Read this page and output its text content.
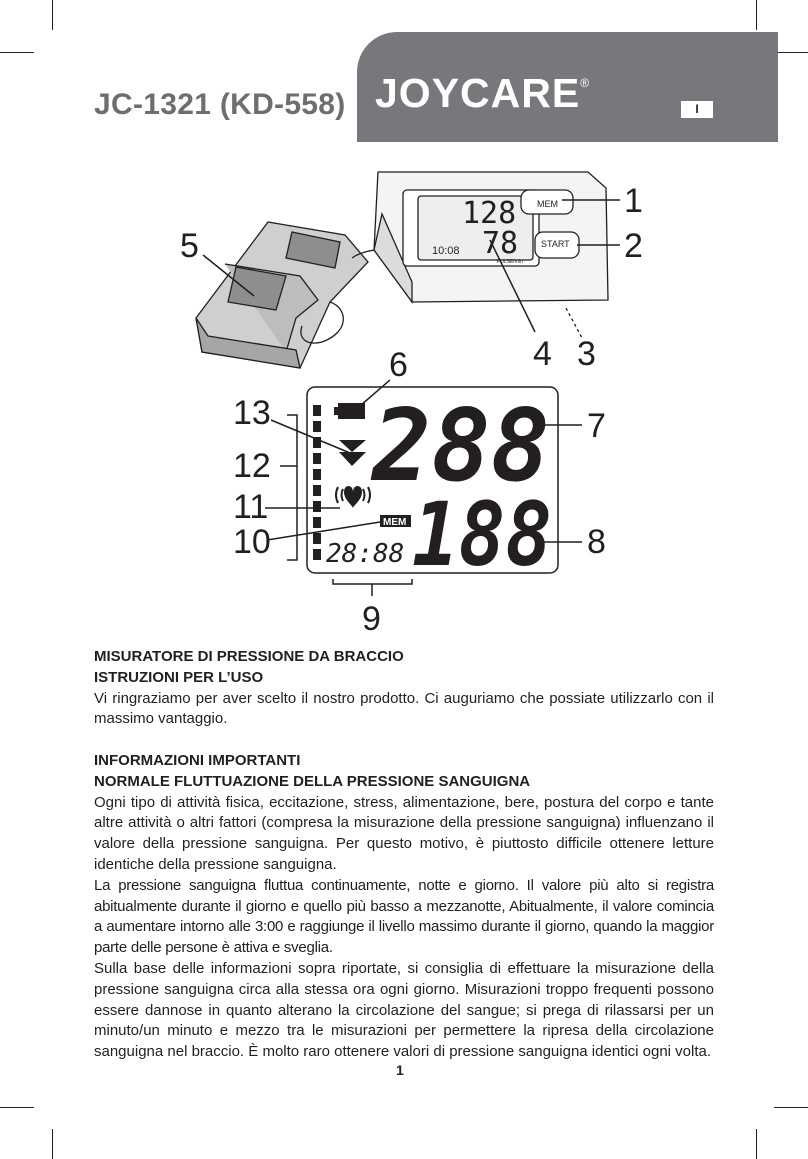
JC-1321 (KD-558) JOYCARE®
I
MEM
START
128
78
10:08
PULSE/min
MEM
28:88
288
188
1
2
3
4
5
6
7
8
9
10
11
12
13
MISURATORE DI PRESSIONE DA BRACCIO
ISTRUZIONI PER L’USO

Vi ringraziamo per aver scelto il nostro prodotto. Ci auguriamo che possiate utilizzarlo con il massimo vantaggio.

INFORMAZIONI IMPORTANTI
NORMALE FLUTTUAZIONE DELLA PRESSIONE SANGUIGNA

Ogni tipo di attività fisica, eccitazione, stress, alimentazione, bere, postura del corpo e tante altre attività o altri fattori (compresa la misurazione della pressione sanguigna) influenzano il valore della pressione sanguigna. Per questo motivo, è piuttosto difficile ottenere letture identiche della pressione sanguigna.

La pressione sanguigna fluttua continuamente, notte e giorno. Il valore più alto si registra abitualmente durante il giorno e quello più basso a mezzanotte, Abitualmente, il valore comincia a aumentare intorno alle 3:00 e raggiunge il livello massimo durante il giorno, quando la maggior parte delle persone è attiva e sveglia.

Sulla base delle informazioni sopra riportate, si consiglia di effettuare la misurazione della pressione sanguigna circa alla stessa ora ogni giorno. Misurazioni troppo frequenti possono essere dannose in quanto alterano la circolazione del sangue; si prega di rilassarsi per un minuto/un minuto e mezzo tra le misurazioni per permettere la ripresa della circolazione sanguigna nel braccio. È molto raro ottenere valori di pressione sanguigna identici ogni volta.

1
